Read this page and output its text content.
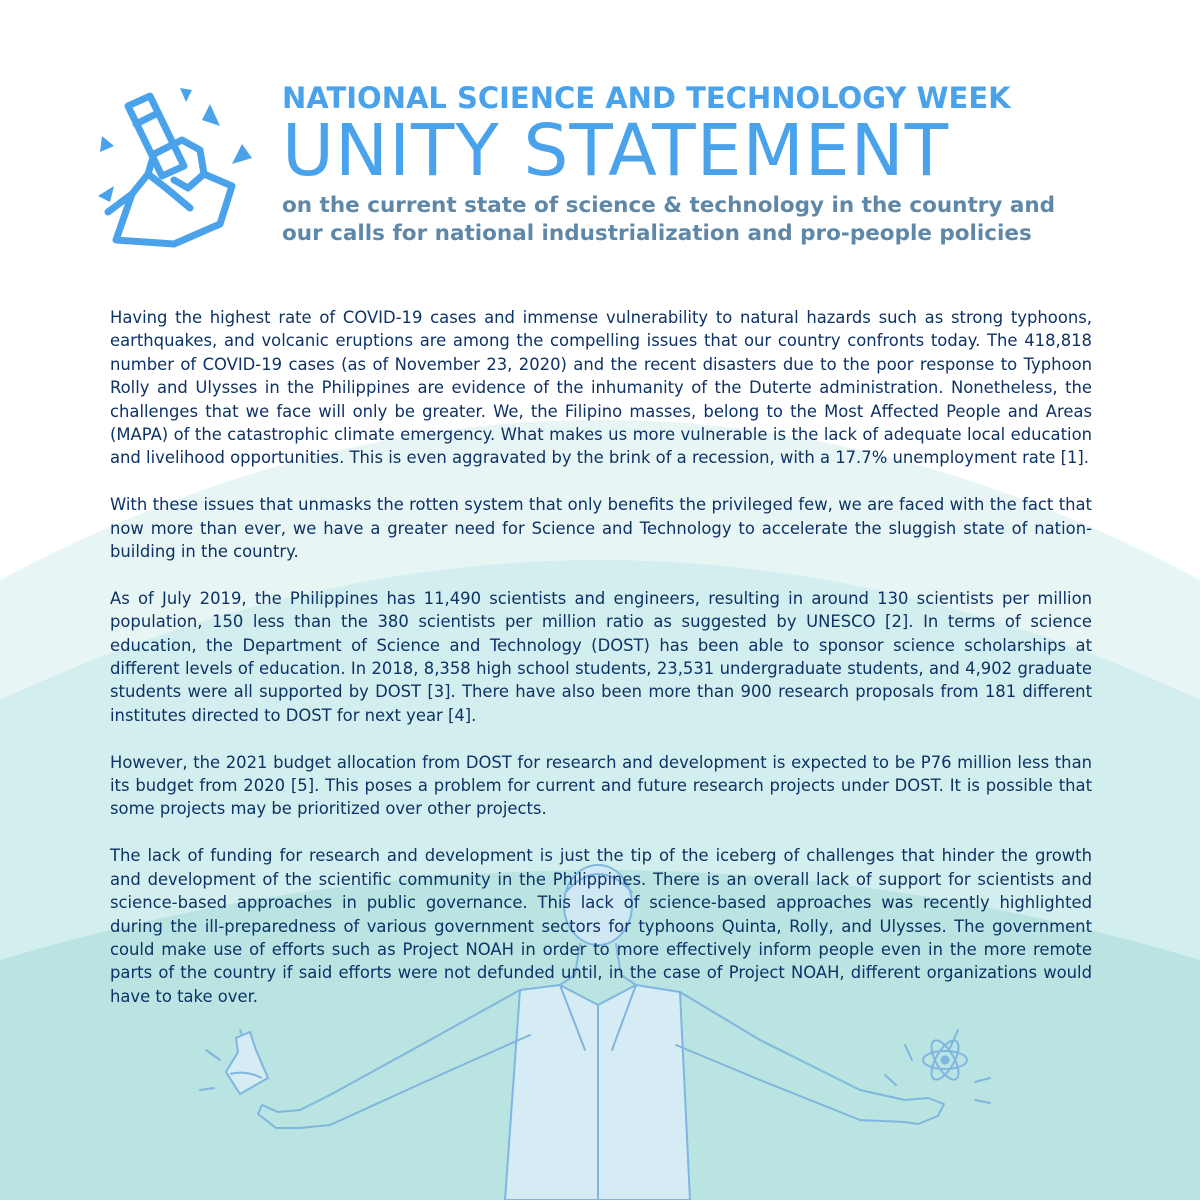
NATIONAL SCIENCE AND TECHNOLOGY WEEK
UNITY STATEMENT
on the current state of science & technology in the country and
our calls for national industrialization and pro-people policies

Having the highest rate of COVID-19 cases and immense vulnerability to natural hazards such as strong typhoons, earthquakes, and volcanic eruptions are among the compelling issues that our country confronts today. The 418,818 number of COVID-19 cases (as of November 23, 2020) and the recent disasters due to the poor response to Typhoon Rolly and Ulysses in the Philippines are evidence of the inhumanity of the Duterte administration. Nonetheless, the challenges that we face will only be greater. We, the Filipino masses, belong to the Most Affected People and Areas (MAPA) of the catastrophic climate emergency. What makes us more vulnerable is the lack of adequate local education and livelihood opportunities. This is even aggravated by the brink of a recession, with a 17.7% unemployment rate [1].

With these issues that unmasks the rotten system that only benefits the privileged few, we are faced with the fact that now more than ever, we have a greater need for Science and Technology to accelerate the sluggish state of nation-building in the country.

As of July 2019, the Philippines has 11,490 scientists and engineers, resulting in around 130 scientists per million population, 150 less than the 380 scientists per million ratio as suggested by UNESCO [2]. In terms of science education, the Department of Science and Technology (DOST) has been able to sponsor science scholarships at different levels of education. In 2018, 8,358 high school students, 23,531 undergraduate students, and 4,902 graduate students were all supported by DOST [3]. There have also been more than 900 research proposals from 181 different institutes directed to DOST for next year [4].

However, the 2021 budget allocation from DOST for research and development is expected to be P76 million less than its budget from 2020 [5]. This poses a problem for current and future research projects under DOST. It is possible that some projects may be prioritized over other projects.

The lack of funding for research and development is just the tip of the iceberg of challenges that hinder the growth and development of the scientific community in the Philippines. There is an overall lack of support for scientists and science-based approaches in public governance. This lack of science-based approaches was recently highlighted during the ill-preparedness of various government sectors for typhoons Quinta, Rolly, and Ulysses. The government could make use of efforts such as Project NOAH in order to more effectively inform people even in the more remote parts of the country if said efforts were not defunded until, in the case of Project NOAH, different organizations would have to take over.
